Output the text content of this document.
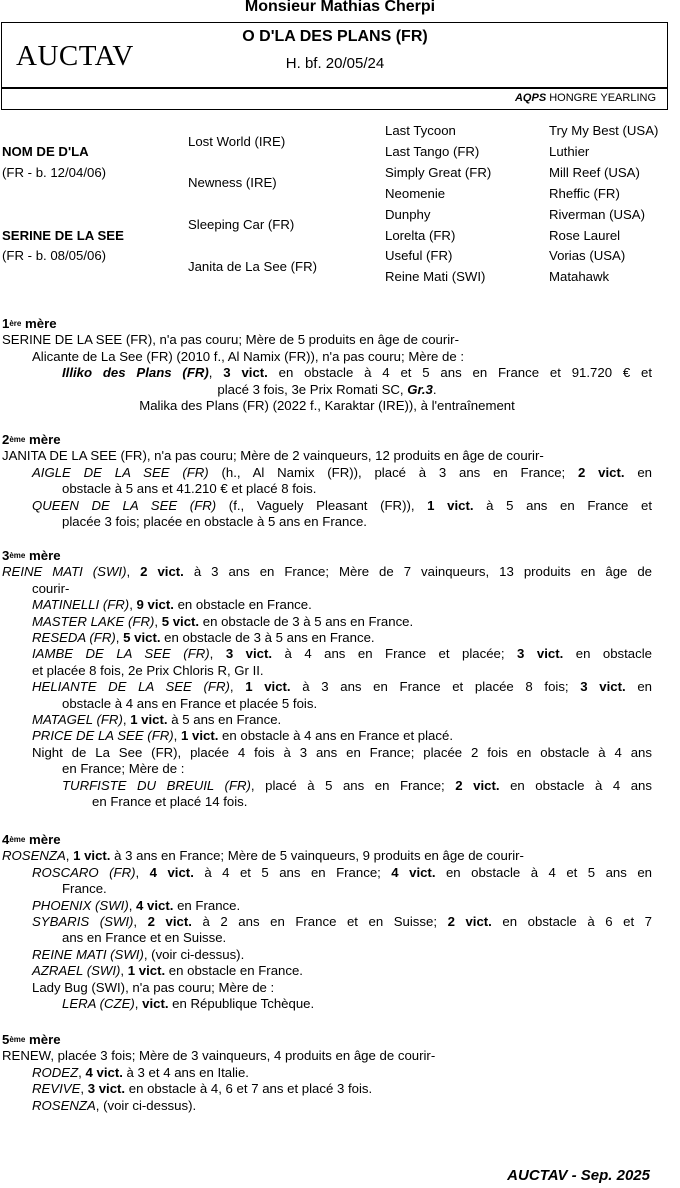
Monsieur Mathias Cherpi
AUCTAV
O D'LA DES PLANS (FR)
H. bf. 20/05/24
AQPS HONGRE YEARLING
NOM DE D'LA
(FR - b. 12/04/06)
SERINE DE LA SEE
(FR - b. 08/05/06)
Lost World (IRE)
Newness (IRE)
Sleeping Car (FR)
Janita de La See (FR)
Last Tycoon
Last Tango (FR)
Simply Great (FR)
Neomenie
Dunphy
Lorelta (FR)
Useful (FR)
Reine Mati (SWI)
Try My Best (USA)
Luthier
Mill Reef (USA)
Rheffic (FR)
Riverman (USA)
Rose Laurel
Vorias (USA)
Matahawk
1ère mère
SERINE DE LA SEE (FR), n'a pas couru; Mère de 5 produits en âge de courir-
Alicante de La See (FR) (2010 f., Al Namix (FR)), n'a pas couru; Mère de :
Illiko des Plans (FR), 3 vict. en obstacle à 4 et 5 ans en France et 91.720 € et
placé 3 fois, 3e Prix Romati SC, Gr.3.
Malika des Plans (FR) (2022 f., Karaktar (IRE)), à l'entraînement
2ème mère
JANITA DE LA SEE (FR), n'a pas couru; Mère de 2 vainqueurs, 12 produits en âge de courir-
AIGLE DE LA SEE (FR) (h., Al Namix (FR)), placé à 3 ans en France; 2 vict. en
obstacle à 5 ans et 41.210 € et placé 8 fois.
QUEEN DE LA SEE (FR) (f., Vaguely Pleasant (FR)), 1 vict. à 5 ans en France et
placée 3 fois; placée en obstacle à 5 ans en France.
3ème mère
REINE MATI (SWI), 2 vict. à 3 ans en France; Mère de 7 vainqueurs, 13 produits en âge de
courir-
MATINELLI (FR), 9 vict. en obstacle en France.
MASTER LAKE (FR), 5 vict. en obstacle de 3 à 5 ans en France.
RESEDA (FR), 5 vict. en obstacle de 3 à 5 ans en France.
IAMBE DE LA SEE (FR), 3 vict. à 4 ans en France et placée; 3 vict. en obstacle
et placée 8 fois, 2e Prix Chloris R, Gr II.
HELIANTE DE LA SEE (FR), 1 vict. à 3 ans en France et placée 8 fois; 3 vict. en
obstacle à 4 ans en France et placée 5 fois.
MATAGEL (FR), 1 vict. à 5 ans en France.
PRICE DE LA SEE (FR), 1 vict. en obstacle à 4 ans en France et placé.
Night de La See (FR), placée 4 fois à 3 ans en France; placée 2 fois en obstacle à 4 ans
en France; Mère de :
TURFISTE DU BREUIL (FR), placé à 5 ans en France; 2 vict. en obstacle à 4 ans
en France et placé 14 fois.
4ème mère
ROSENZA, 1 vict. à 3 ans en France; Mère de 5 vainqueurs, 9 produits en âge de courir-
ROSCARO (FR), 4 vict. à 4 et 5 ans en France; 4 vict. en obstacle à 4 et 5 ans en
France.
PHOENIX (SWI), 4 vict. en France.
SYBARIS (SWI), 2 vict. à 2 ans en France et en Suisse; 2 vict. en obstacle à 6 et 7
ans en France et en Suisse.
REINE MATI (SWI), (voir ci-dessus).
AZRAEL (SWI), 1 vict. en obstacle en France.
Lady Bug (SWI), n'a pas couru; Mère de :
LERA (CZE), vict. en République Tchèque.
5ème mère
RENEW, placée 3 fois; Mère de 3 vainqueurs, 4 produits en âge de courir-
RODEZ, 4 vict. à 3 et 4 ans en Italie.
REVIVE, 3 vict. en obstacle à 4, 6 et 7 ans et placé 3 fois.
ROSENZA, (voir ci-dessus).
AUCTAV - Sep. 2025
